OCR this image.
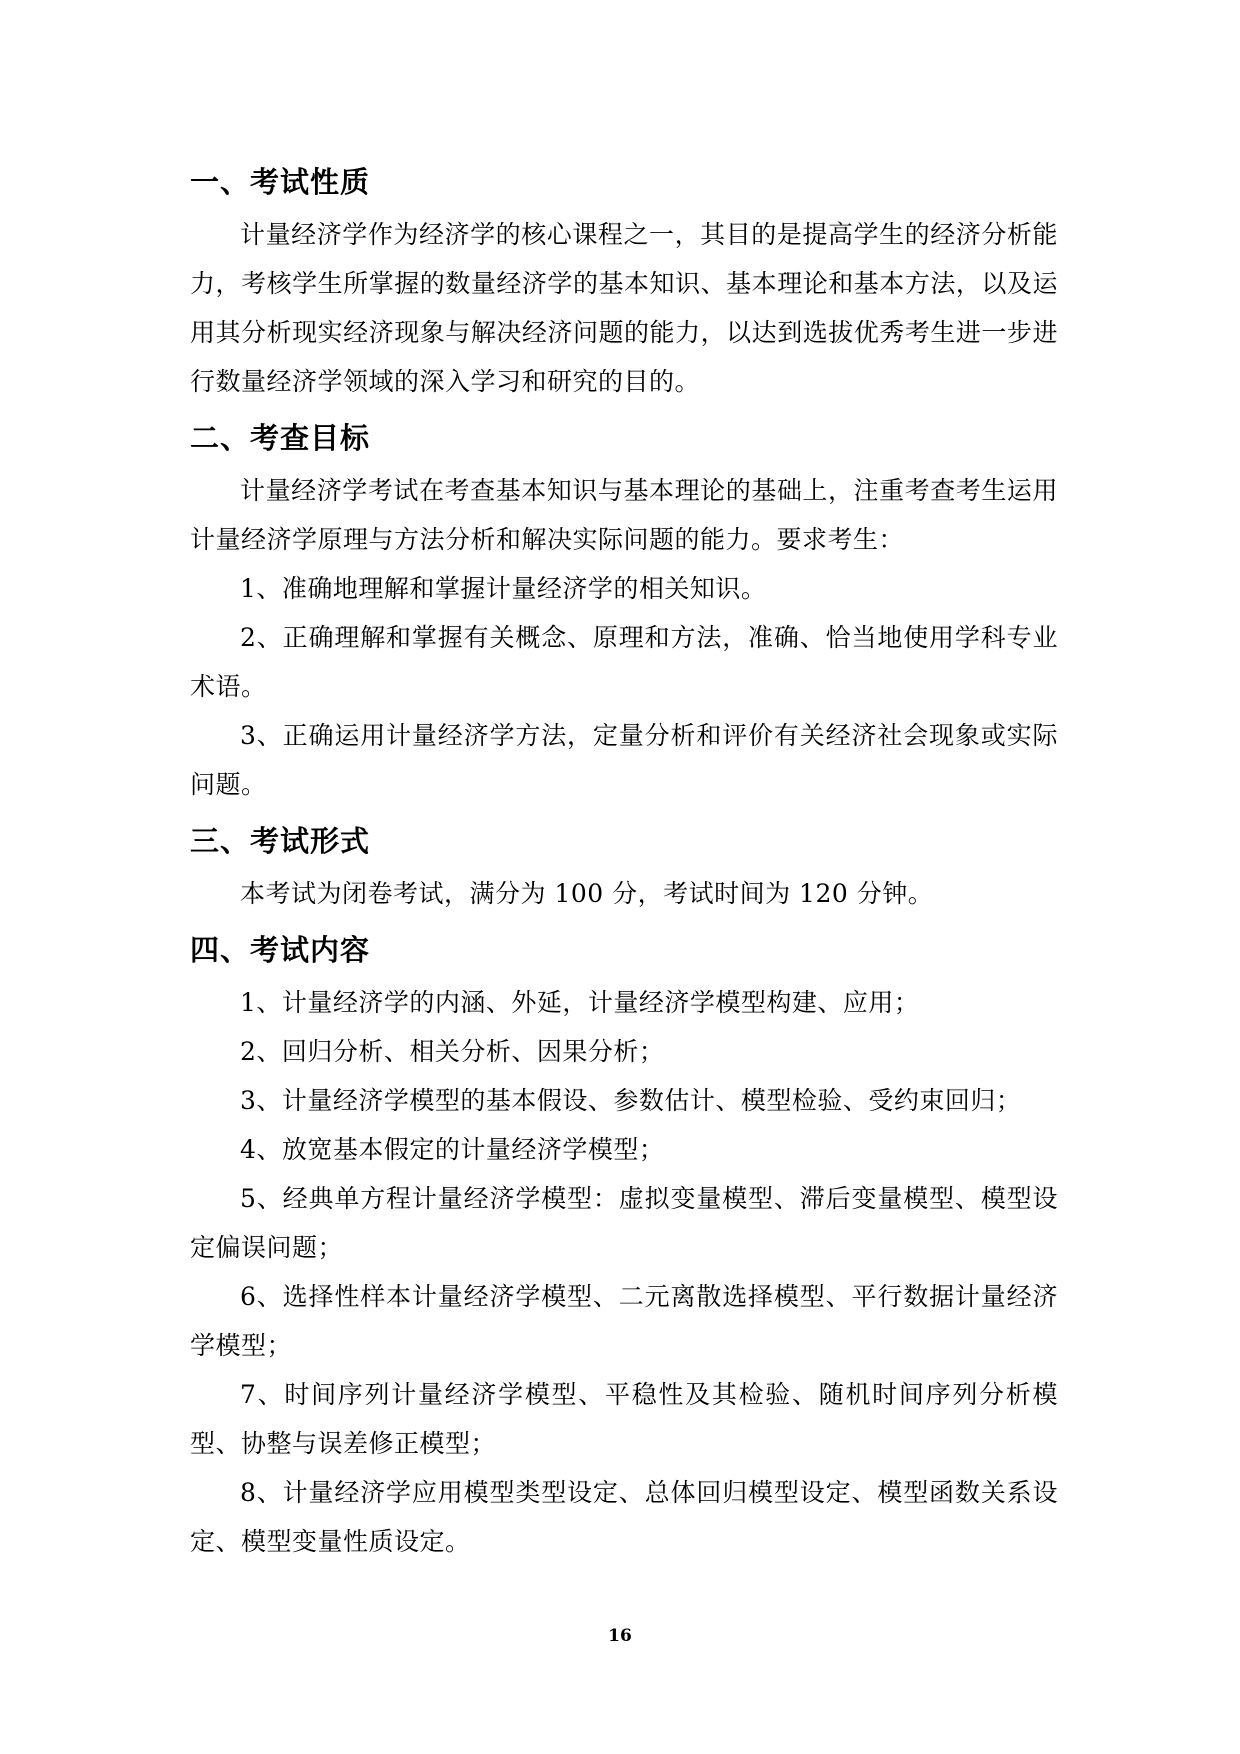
一、考试性质

计量经济学作为经济学的核心课程之一，其目的是提高学生的经济分析能力，考核学生所掌握的数量经济学的基本知识、基本理论和基本方法，以及运用其分析现实经济现象与解决经济问题的能力，以达到选拔优秀考生进一步进行数量经济学领域的深入学习和研究的目的。

二、考查目标

计量经济学考试在考查基本知识与基本理论的基础上，注重考查考生运用计量经济学原理与方法分析和解决实际问题的能力。要求考生：

1、准确地理解和掌握计量经济学的相关知识。

2、正确理解和掌握有关概念、原理和方法，准确、恰当地使用学科专业术语。

3、正确运用计量经济学方法，定量分析和评价有关经济社会现象或实际问题。

三、考试形式

本考试为闭卷考试，满分为 100 分，考试时间为 120 分钟。

四、考试内容

1、计量经济学的内涵、外延，计量经济学模型构建、应用；

2、回归分析、相关分析、因果分析；

3、计量经济学模型的基本假设、参数估计、模型检验、受约束回归；

4、放宽基本假定的计量经济学模型；

5、经典单方程计量经济学模型：虚拟变量模型、滞后变量模型、模型设定偏误问题；

6、选择性样本计量经济学模型、二元离散选择模型、平行数据计量经济学模型；

7、时间序列计量经济学模型、平稳性及其检验、随机时间序列分析模型、协整与误差修正模型；

8、计量经济学应用模型类型设定、总体回归模型设定、模型函数关系设定、模型变量性质设定。

16
